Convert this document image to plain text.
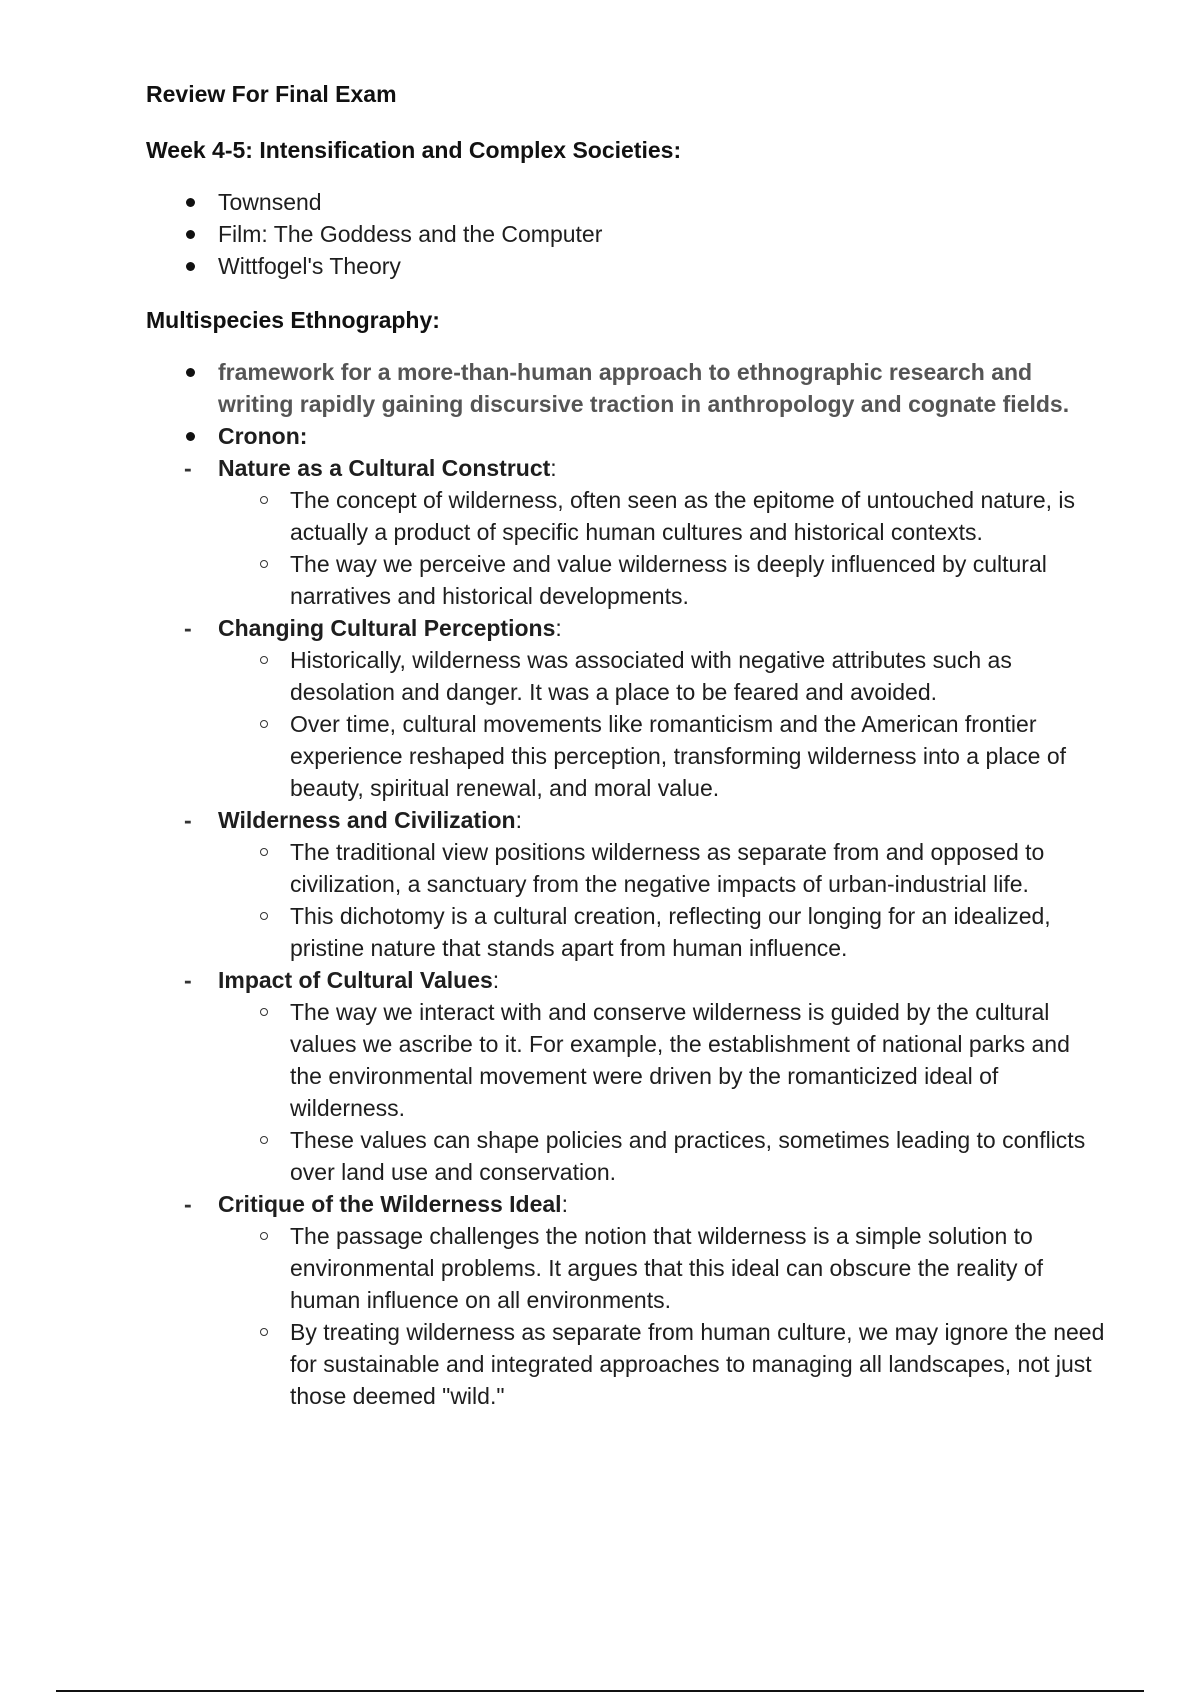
Review For Final Exam

Week 4-5: Intensification and Complex Societies:

Townsend
Film: The Goddess and the Computer
Wittfogel's Theory

Multispecies Ethnography:

framework for a more-than-human approach to ethnographic research and writing rapidly gaining discursive traction in anthropology and cognate fields.
Cronon:
- Nature as a Cultural Construct:
The concept of wilderness, often seen as the epitome of untouched nature, is actually a product of specific human cultures and historical contexts.
The way we perceive and value wilderness is deeply influenced by cultural narratives and historical developments.
- Changing Cultural Perceptions:
Historically, wilderness was associated with negative attributes such as desolation and danger. It was a place to be feared and avoided.
Over time, cultural movements like romanticism and the American frontier experience reshaped this perception, transforming wilderness into a place of beauty, spiritual renewal, and moral value.
- Wilderness and Civilization:
The traditional view positions wilderness as separate from and opposed to civilization, a sanctuary from the negative impacts of urban-industrial life.
This dichotomy is a cultural creation, reflecting our longing for an idealized, pristine nature that stands apart from human influence.
- Impact of Cultural Values:
The way we interact with and conserve wilderness is guided by the cultural values we ascribe to it. For example, the establishment of national parks and the environmental movement were driven by the romanticized ideal of wilderness.
These values can shape policies and practices, sometimes leading to conflicts over land use and conservation.
- Critique of the Wilderness Ideal:
The passage challenges the notion that wilderness is a simple solution to environmental problems. It argues that this ideal can obscure the reality of human influence on all environments.
By treating wilderness as separate from human culture, we may ignore the need for sustainable and integrated approaches to managing all landscapes, not just those deemed "wild."
